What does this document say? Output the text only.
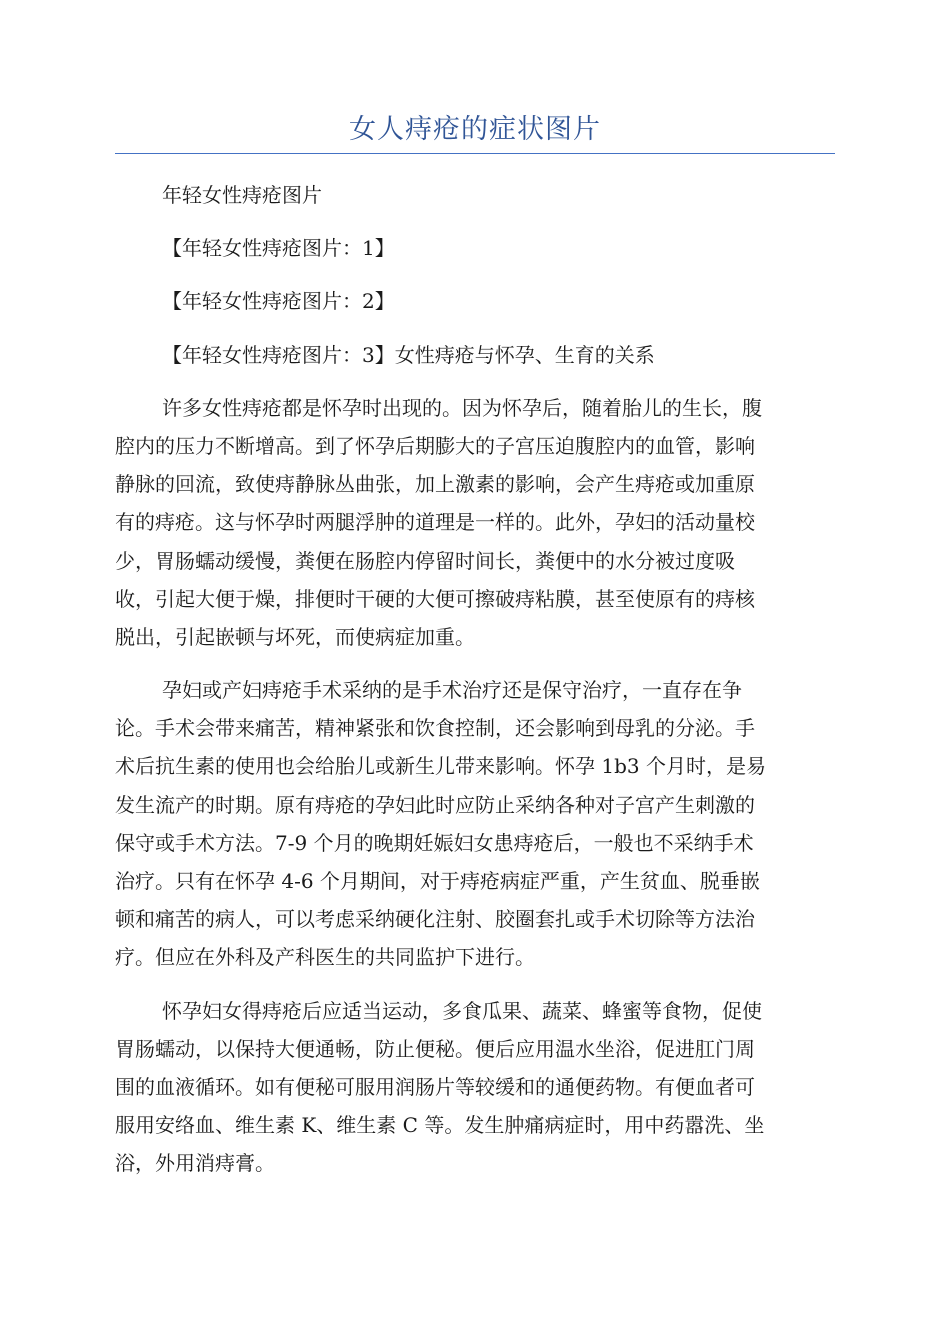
女人痔疮的症状图片
年轻女性痔疮图片
【年轻女性痔疮图片：1】
【年轻女性痔疮图片：2】
【年轻女性痔疮图片：3】女性痔疮与怀孕、生育的关系
许多女性痔疮都是怀孕时出现的。因为怀孕后，随着胎儿的生长，腹
腔内的压力不断增高。到了怀孕后期膨大的子宫压迫腹腔内的血管，影响
静脉的回流，致使痔静脉丛曲张，加上激素的影响，会产生痔疮或加重原
有的痔疮。这与怀孕时两腿浮肿的道理是一样的。此外，孕妇的活动量校
少，胃肠蠕动缓慢，粪便在肠腔内停留时间长，粪便中的水分被过度吸
收，引起大便于燥，排便时干硬的大便可擦破痔粘膜，甚至使原有的痔核
脱出，引起嵌顿与坏死，而使病症加重。
孕妇或产妇痔疮手术采纳的是手术治疗还是保守治疗，一直存在争
论。手术会带来痛苦，精神紧张和饮食控制，还会影响到母乳的分泌。手
术后抗生素的使用也会给胎儿或新生儿带来影响。怀孕 1b3 个月时，是易
发生流产的时期。原有痔疮的孕妇此时应防止采纳各种对子宫产生刺激的
保守或手术方法。7-9 个月的晚期妊娠妇女患痔疮后，一般也不采纳手术
治疗。只有在怀孕 4-6 个月期间，对于痔疮病症严重，产生贫血、脱垂嵌
顿和痛苦的病人，可以考虑采纳硬化注射、胶圈套扎或手术切除等方法治
疗。但应在外科及产科医生的共同监护下进行。
怀孕妇女得痔疮后应适当运动，多食瓜果、蔬菜、蜂蜜等食物，促使
胃肠蠕动，以保持大便通畅，防止便秘。便后应用温水坐浴，促进肛门周
围的血液循环。如有便秘可服用润肠片等较缓和的通便药物。有便血者可
服用安络血、维生素 K、维生素 C 等。发生肿痛病症时，用中药嚣洗、坐
浴，外用消痔膏。
